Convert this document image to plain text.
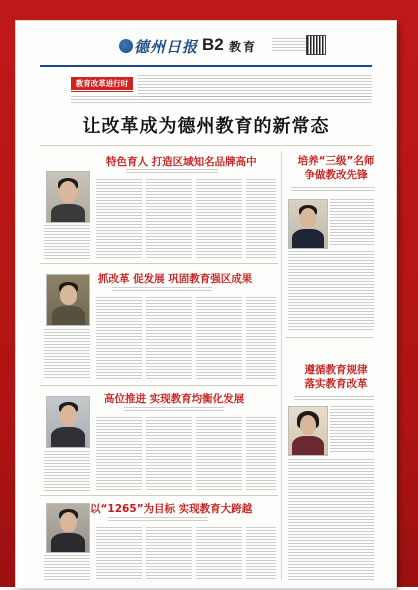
德州日报 B2 教育
教育改革进行时
让改革成为德州教育的新常态
特色育人 打造区域知名品牌高中
抓改革 促发展 巩固教育强区成果
高位推进 实现教育均衡化发展
以“1265”为目标 实现教育大跨越
培养“三级”名师
争做教改先锋
遵循教育规律
落实教育改革
